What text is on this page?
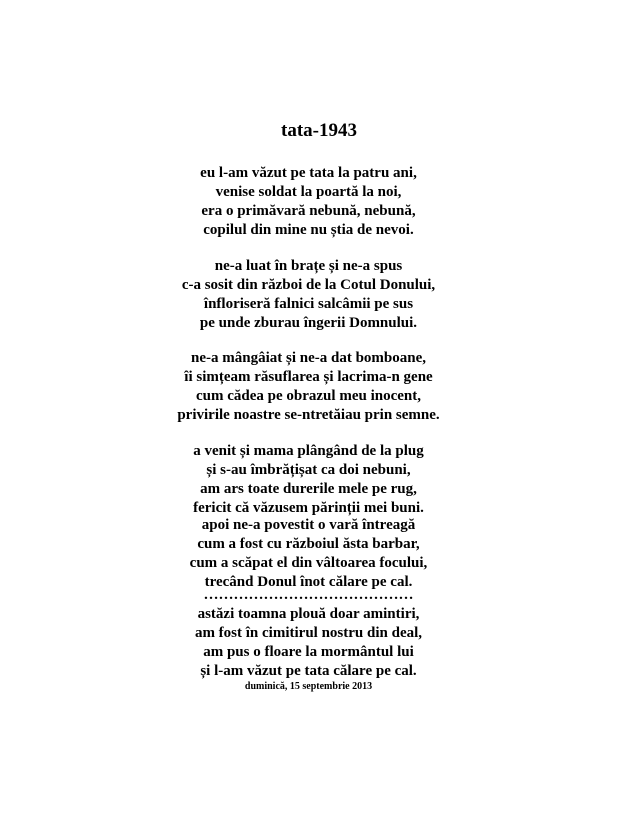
tata-1943
eu l-am văzut pe tata la patru ani,
venise soldat la poartă la noi,
era o primăvară nebună, nebună,
copilul din mine nu știa de nevoi.
ne-a luat în brațe și ne-a spus
c-a sosit din război de la Cotul Donului,
înfloriseră falnici salcâmii pe sus
pe unde zburau îngerii Domnului.
ne-a mângâiat și ne-a dat bomboane,
îi simțeam răsuflarea și lacrima-n gene
cum cădea pe obrazul meu inocent,
privirile noastre se-ntretăiau prin semne.
a venit și mama plângând de la plug
și s-au îmbrățișat ca doi nebuni,
am ars toate durerile mele pe rug,
fericit că văzusem părinții mei buni.
apoi ne-a povestit o vară întreagă
cum a fost cu războiul ăsta barbar,
cum a scăpat el din vâltoarea focului,
trecând Donul înot călare pe cal.
……………………………………
astăzi toamna plouă doar amintiri,
am fost în cimitirul nostru din deal,
am pus o floare la mormântul lui
și l-am văzut pe tata călare pe cal.
duminică, 15 septembrie 2013
